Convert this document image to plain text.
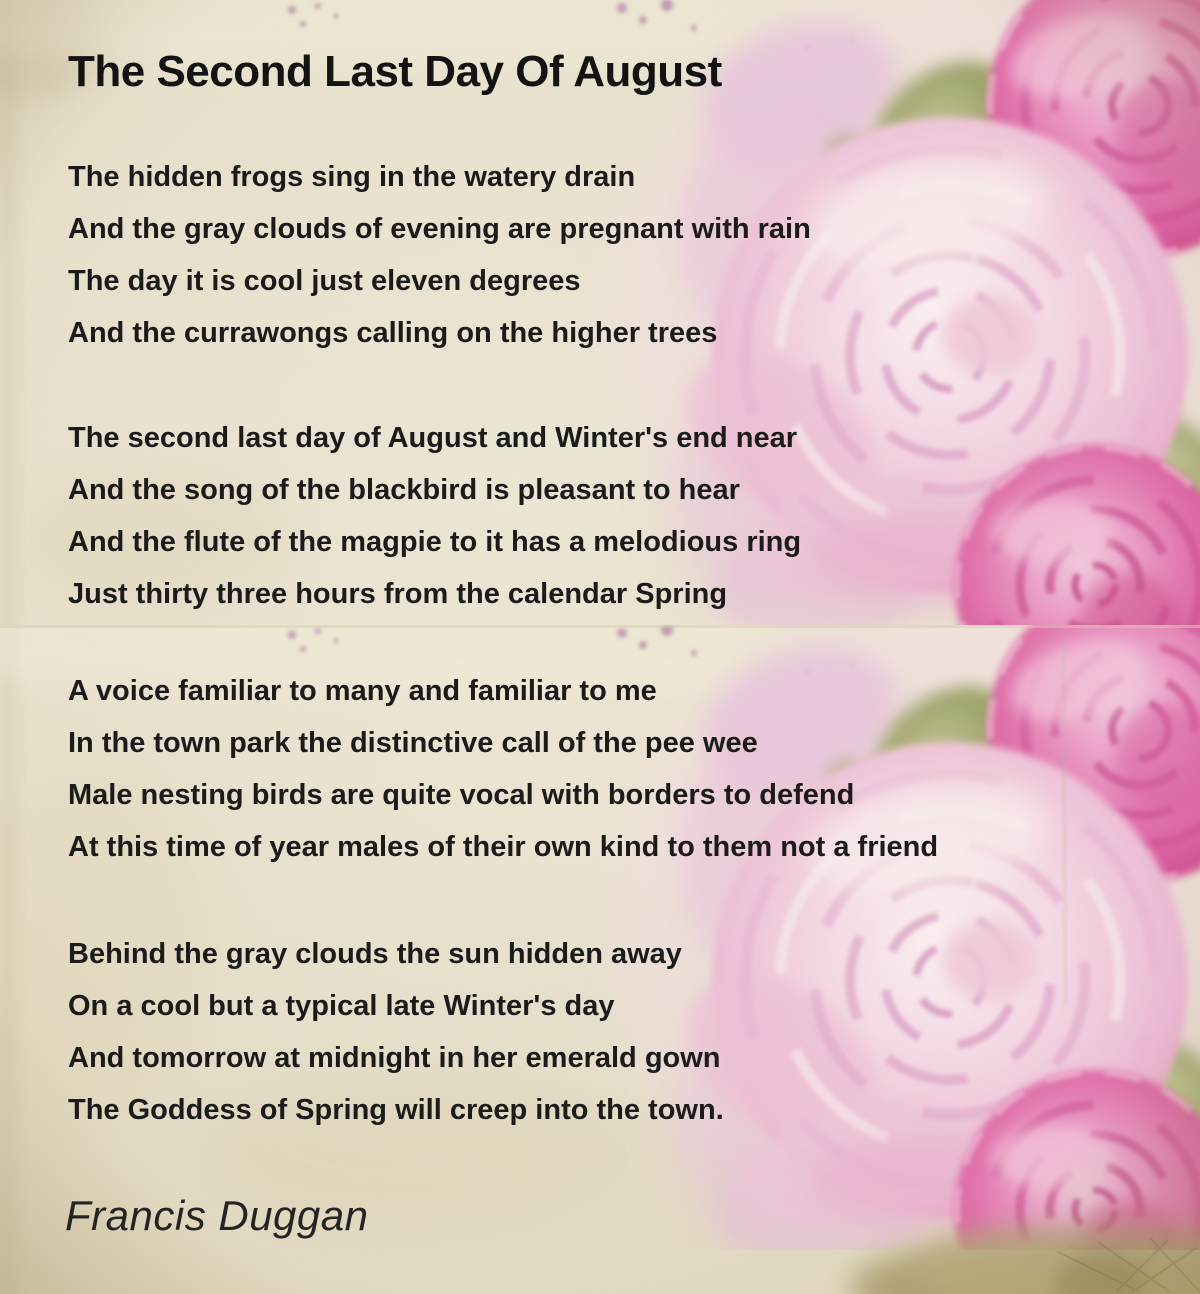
The Second Last Day Of August
The hidden frogs sing in the watery drain
And the gray clouds of evening are pregnant with rain
The day it is cool just eleven degrees
And the currawongs calling on the higher trees
The second last day of August and Winter's end near
And the song of the blackbird is pleasant to hear
And the flute of the magpie to it has a melodious ring
Just thirty three hours from the calendar Spring
A voice familiar to many and familiar to me
In the town park the distinctive call of the pee wee
Male nesting birds are quite vocal with borders to defend
At this time of year males of their own kind to them not a friend
Behind the gray clouds the sun hidden away
On a cool but a typical late Winter's day
And tomorrow at midnight in her emerald gown
The Goddess of Spring will creep into the town.
Francis Duggan
